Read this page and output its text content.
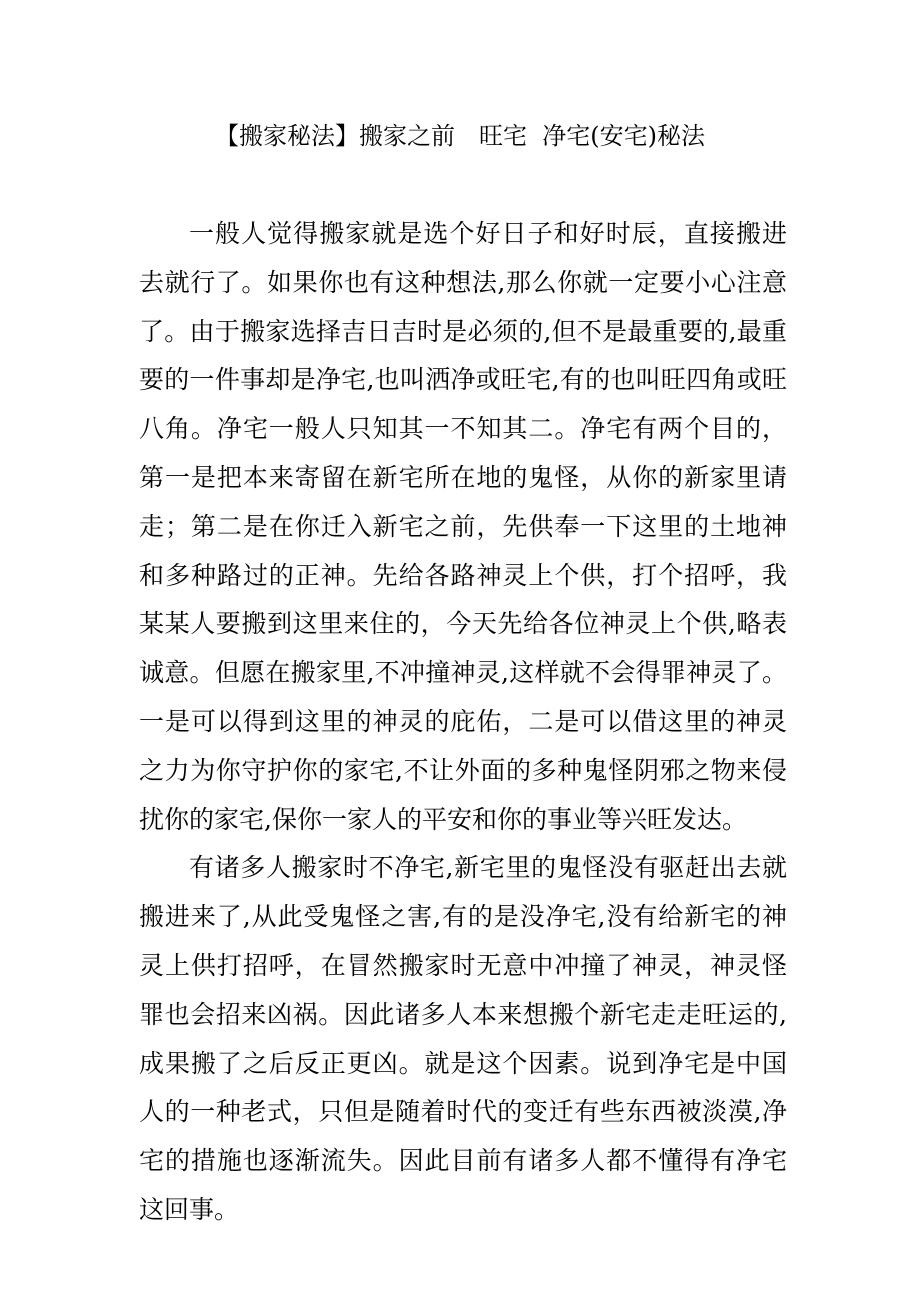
【搬家秘法】搬家之前　旺宅  净宅(安宅)秘法

一般人觉得搬家就是选个好日子和好时辰，直接搬进去就行了。如果你也有这种想法,那么你就一定要小心注意了。由于搬家选择吉日吉时是必须的,但不是最重要的,最重要的一件事却是净宅,也叫洒净或旺宅,有的也叫旺四角或旺八角。净宅一般人只知其一不知其二。净宅有两个目的，第一是把本来寄留在新宅所在地的鬼怪，从你的新家里请走；第二是在你迁入新宅之前，先供奉一下这里的土地神和多种路过的正神。先给各路神灵上个供，打个招呼，我某某人要搬到这里来住的，今天先给各位神灵上个供,略表诚意。但愿在搬家里,不冲撞神灵,这样就不会得罪神灵了。一是可以得到这里的神灵的庇佑，二是可以借这里的神灵之力为你守护你的家宅,不让外面的多种鬼怪阴邪之物来侵扰你的家宅,保你一家人的平安和你的事业等兴旺发达。

有诸多人搬家时不净宅,新宅里的鬼怪没有驱赶出去就搬进来了,从此受鬼怪之害,有的是没净宅,没有给新宅的神灵上供打招呼，在冒然搬家时无意中冲撞了神灵，神灵怪罪也会招来凶祸。因此诸多人本来想搬个新宅走走旺运的,成果搬了之后反正更凶。就是这个因素。说到净宅是中国人的一种老式，只但是随着时代的变迁有些东西被淡漠,净宅的措施也逐渐流失。因此目前有诸多人都不懂得有净宅这回事。
